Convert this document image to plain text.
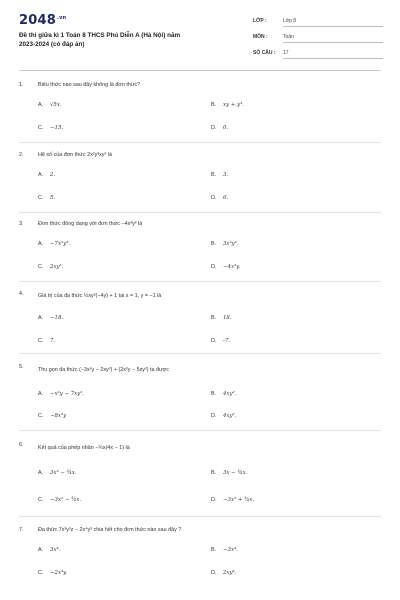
$2048^{.vn}$
Đề thi giữa kì 1 Toán 8 THCS Phú Diễn A (Hà Nội) năm
2023-2024 (có đáp án)
LỚP :	Lớp 8
MÔN :	Toán
SỐ CÂU : 17
1.	Biểu thức nào sau đây không là đơn thức?
A. √5x.	B. xy + y³.
C. −15.	D. 0.
2.	Hệ số của đơn thức 2x²y³xy² là
A. 2.	B. 3.
C. 5.	D. 6.
3.	Đơn thức đồng dạng với đơn thức −4x³y² là
A. −7x²y³.	B. 3x³y².
C. 2xy³.	D. −4x²y.
4.	Giá trị của đa thức ½xy²(−4y) + 1 tại x = 1, y = −1 là
A. −18.	B. 18.
C. 7.	D. -7.
5.	Thu gọn đa thức (−3x²y − 2xy²) + (2x²y − 5xy²) ta được
A. −x²y − 7xy².	B. 4xy².
C. −8x²y	D. 4xy².
6.	Kết quả của phép nhân −¾x(4x − 1) là
A. 3x³ − ¾x.	B. 3x − ¾x.
C. −3x² − ¾x.	D. −3x² + ¾x.
7.	Đa thức 7x³y²z − 2x⁴y³ chia hết cho đơn thức nào sau đây ?
A. 3x⁴.	B. −3x⁴.
C. −2x³y.	D. 2xy³.
